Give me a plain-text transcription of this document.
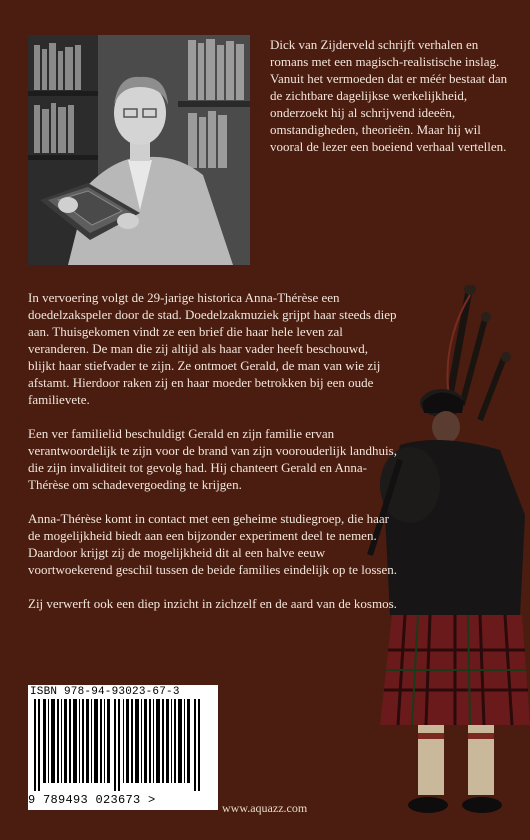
Dick van Zijderveld schrijft verhalen en romans met een magisch-realistische inslag. Vanuit het vermoeden dat er méér bestaat dan de zichtbare dagelijkse werkelijkheid, onderzoekt hij al schrijvend ideeën, omstandigheden, theorieën. Maar hij wil vooral de lezer een boeiend verhaal vertellen.

In vervoering volgt de 29-jarige historica Anna-Thérèse een doedelzakspeler door de stad. Doedelzakmuziek grijpt haar steeds diep aan. Thuisgekomen vindt ze een brief die haar hele leven zal veranderen. De man die zij altijd als haar vader heeft beschouwd, blijkt haar stiefvader te zijn. Ze ontmoet Gerald, de man van wie zij afstamt. Hierdoor raken zij en haar moeder betrokken bij een oude familievete.

Een ver familielid beschuldigt Gerald en zijn familie ervan verantwoordelijk te zijn voor de brand van zijn voorouderlijk landhuis, die zijn invaliditeit tot gevolg had. Hij chanteert Gerald en Anna-Thérèse om schadevergoeding te krijgen.

Anna-Thérèse komt in contact met een geheime studiegroep, die haar de mogelijkheid biedt aan een bijzonder experiment deel te nemen. Daardoor krijgt zij de mogelijkheid dit al een halve eeuw voortwoekerend geschil tussen de beide families eindelijk op te lossen.

Zij verwerft ook een diep inzicht in zichzelf en de aard van de kosmos.

ISBN 978-94-93023-67-3
9 789493 023673 >
www.aquazz.com
